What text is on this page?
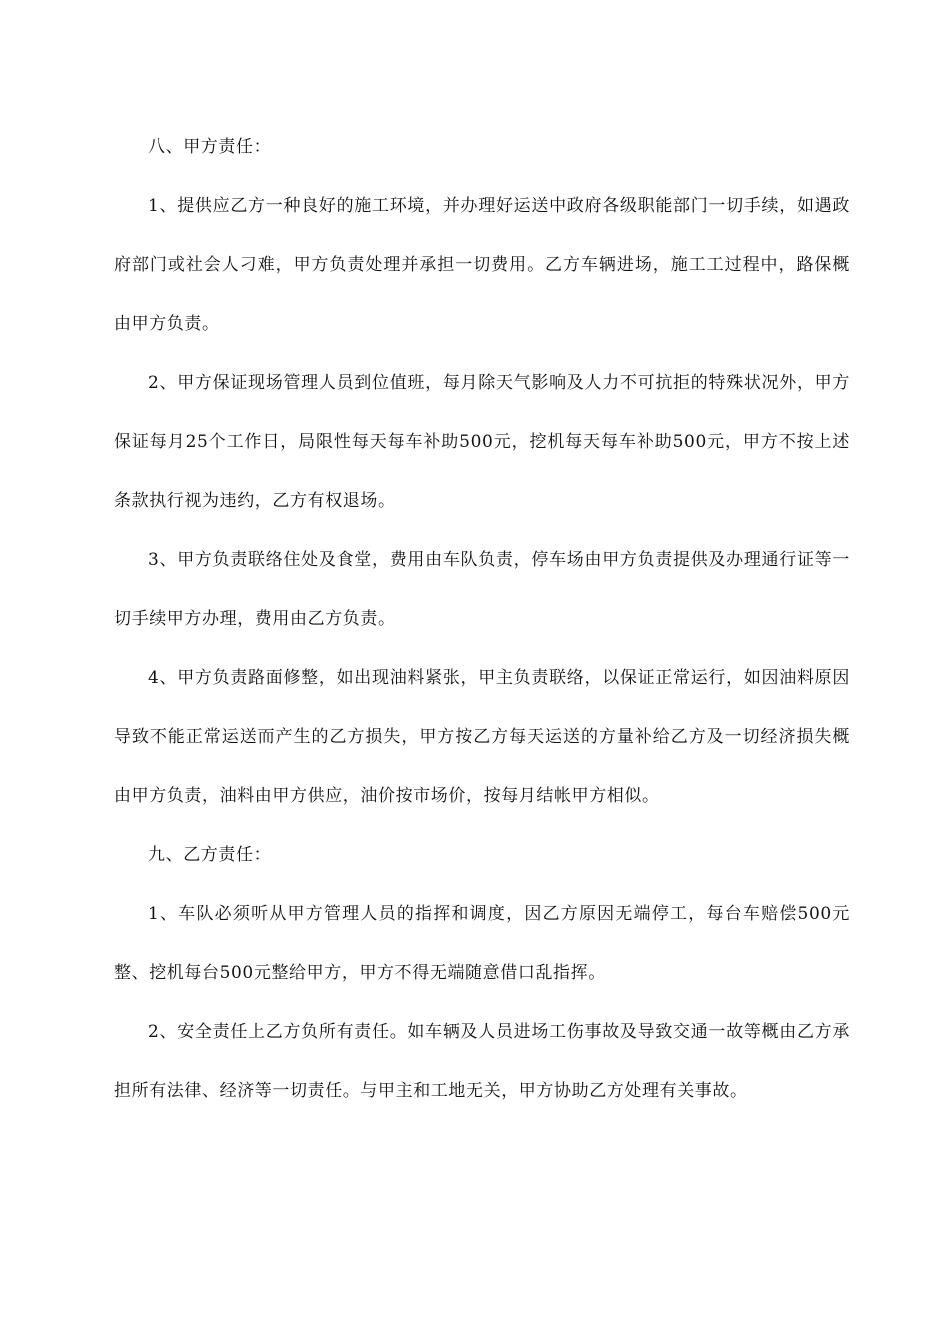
八、甲方责任：

1、提供应乙方一种良好的施工环境，并办理好运送中政府各级职能部门一切手续，如遇政府部门或社会人刁难，甲方负责处理并承担一切费用。乙方车辆进场，施工工过程中，路保概由甲方负责。

2、甲方保证现场管理人员到位值班，每月除天气影响及人力不可抗拒的特殊状况外，甲方保证每月25个工作日，局限性每天每车补助500元，挖机每天每车补助500元，甲方不按上述条款执行视为违约，乙方有权退场。

3、甲方负责联络住处及食堂，费用由车队负责，停车场由甲方负责提供及办理通行证等一切手续甲方办理，费用由乙方负责。

4、甲方负责路面修整，如出现油料紧张，甲主负责联络，以保证正常运行，如因油料原因导致不能正常运送而产生的乙方损失，甲方按乙方每天运送的方量补给乙方及一切经济损失概由甲方负责，油料由甲方供应，油价按市场价，按每月结帐甲方相似。

九、乙方责任：

1、车队必须听从甲方管理人员的指挥和调度，因乙方原因无端停工，每台车赔偿500元整、挖机每台500元整给甲方，甲方不得无端随意借口乱指挥。

2、安全责任上乙方负所有责任。如车辆及人员进场工伤事故及导致交通一故等概由乙方承担所有法律、经济等一切责任。与甲主和工地无关，甲方协助乙方处理有关事故。
